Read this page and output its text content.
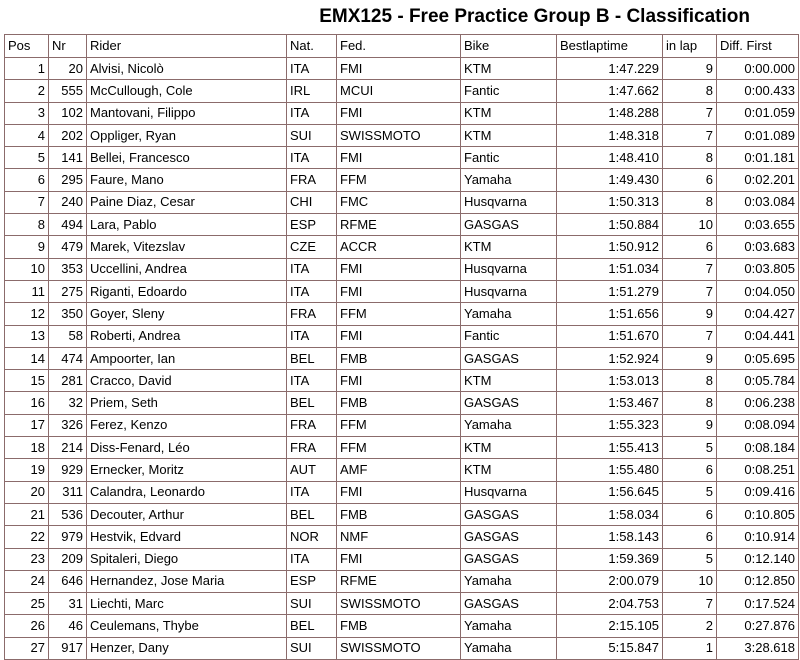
EMX125 - Free Practice Group B - Classification
Pos	Nr	Rider	Nat.	Fed.	Bike	Bestlaptime	in lap	Diff. First
1	20	Alvisi, Nicolò	ITA	FMI	KTM	1:47.229	9	0:00.000
2	555	McCullough, Cole	IRL	MCUI	Fantic	1:47.662	8	0:00.433
3	102	Mantovani, Filippo	ITA	FMI	KTM	1:48.288	7	0:01.059
4	202	Oppliger, Ryan	SUI	SWISSMOTO	KTM	1:48.318	7	0:01.089
5	141	Bellei, Francesco	ITA	FMI	Fantic	1:48.410	8	0:01.181
6	295	Faure, Mano	FRA	FFM	Yamaha	1:49.430	6	0:02.201
7	240	Paine Diaz, Cesar	CHI	FMC	Husqvarna	1:50.313	8	0:03.084
8	494	Lara, Pablo	ESP	RFME	GASGAS	1:50.884	10	0:03.655
9	479	Marek, Vitezslav	CZE	ACCR	KTM	1:50.912	6	0:03.683
10	353	Uccellini, Andrea	ITA	FMI	Husqvarna	1:51.034	7	0:03.805
11	275	Riganti, Edoardo	ITA	FMI	Husqvarna	1:51.279	7	0:04.050
12	350	Goyer, Sleny	FRA	FFM	Yamaha	1:51.656	9	0:04.427
13	58	Roberti, Andrea	ITA	FMI	Fantic	1:51.670	7	0:04.441
14	474	Ampoorter, Ian	BEL	FMB	GASGAS	1:52.924	9	0:05.695
15	281	Cracco, David	ITA	FMI	KTM	1:53.013	8	0:05.784
16	32	Priem, Seth	BEL	FMB	GASGAS	1:53.467	8	0:06.238
17	326	Ferez, Kenzo	FRA	FFM	Yamaha	1:55.323	9	0:08.094
18	214	Diss-Fenard, Léo	FRA	FFM	KTM	1:55.413	5	0:08.184
19	929	Ernecker, Moritz	AUT	AMF	KTM	1:55.480	6	0:08.251
20	311	Calandra, Leonardo	ITA	FMI	Husqvarna	1:56.645	5	0:09.416
21	536	Decouter, Arthur	BEL	FMB	GASGAS	1:58.034	6	0:10.805
22	979	Hestvik, Edvard	NOR	NMF	GASGAS	1:58.143	6	0:10.914
23	209	Spitaleri, Diego	ITA	FMI	GASGAS	1:59.369	5	0:12.140
24	646	Hernandez, Jose Maria	ESP	RFME	Yamaha	2:00.079	10	0:12.850
25	31	Liechti, Marc	SUI	SWISSMOTO	GASGAS	2:04.753	7	0:17.524
26	46	Ceulemans, Thybe	BEL	FMB	Yamaha	2:15.105	2	0:27.876
27	917	Henzer, Dany	SUI	SWISSMOTO	Yamaha	5:15.847	1	3:28.618
